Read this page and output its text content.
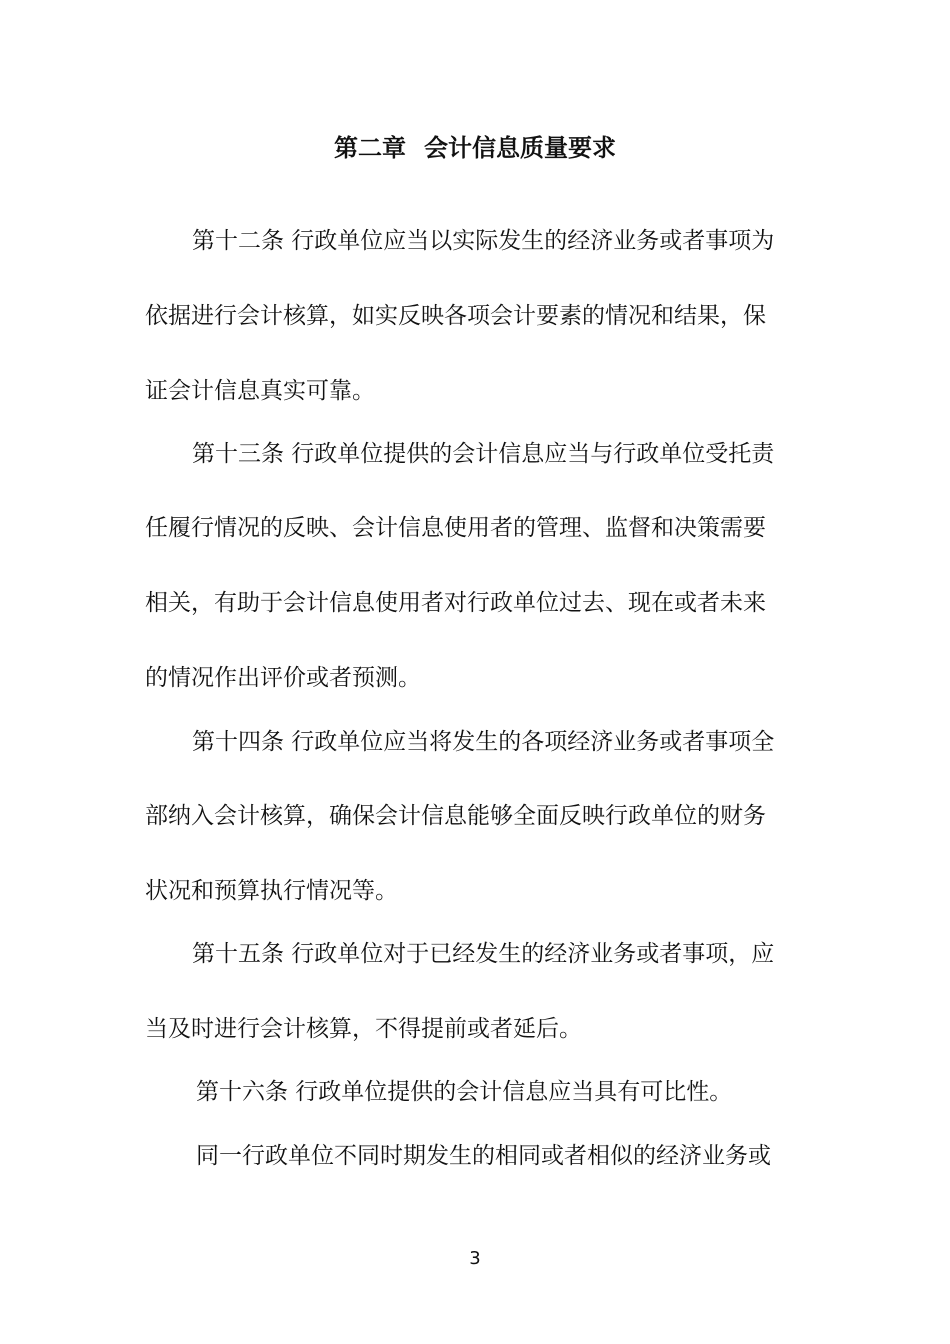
第二章 会计信息质量要求

第十二条 行政单位应当以实际发生的经济业务或者事项为

依据进行会计核算，如实反映各项会计要素的情况和结果，保

证会计信息真实可靠。

第十三条 行政单位提供的会计信息应当与行政单位受托责

任履行情况的反映、会计信息使用者的管理、监督和决策需要

相关，有助于会计信息使用者对行政单位过去、现在或者未来

的情况作出评价或者预测。

第十四条 行政单位应当将发生的各项经济业务或者事项全

部纳入会计核算，确保会计信息能够全面反映行政单位的财务

状况和预算执行情况等。

第十五条 行政单位对于已经发生的经济业务或者事项，应

当及时进行会计核算，不得提前或者延后。

第十六条 行政单位提供的会计信息应当具有可比性。

同一行政单位不同时期发生的相同或者相似的经济业务或

3
